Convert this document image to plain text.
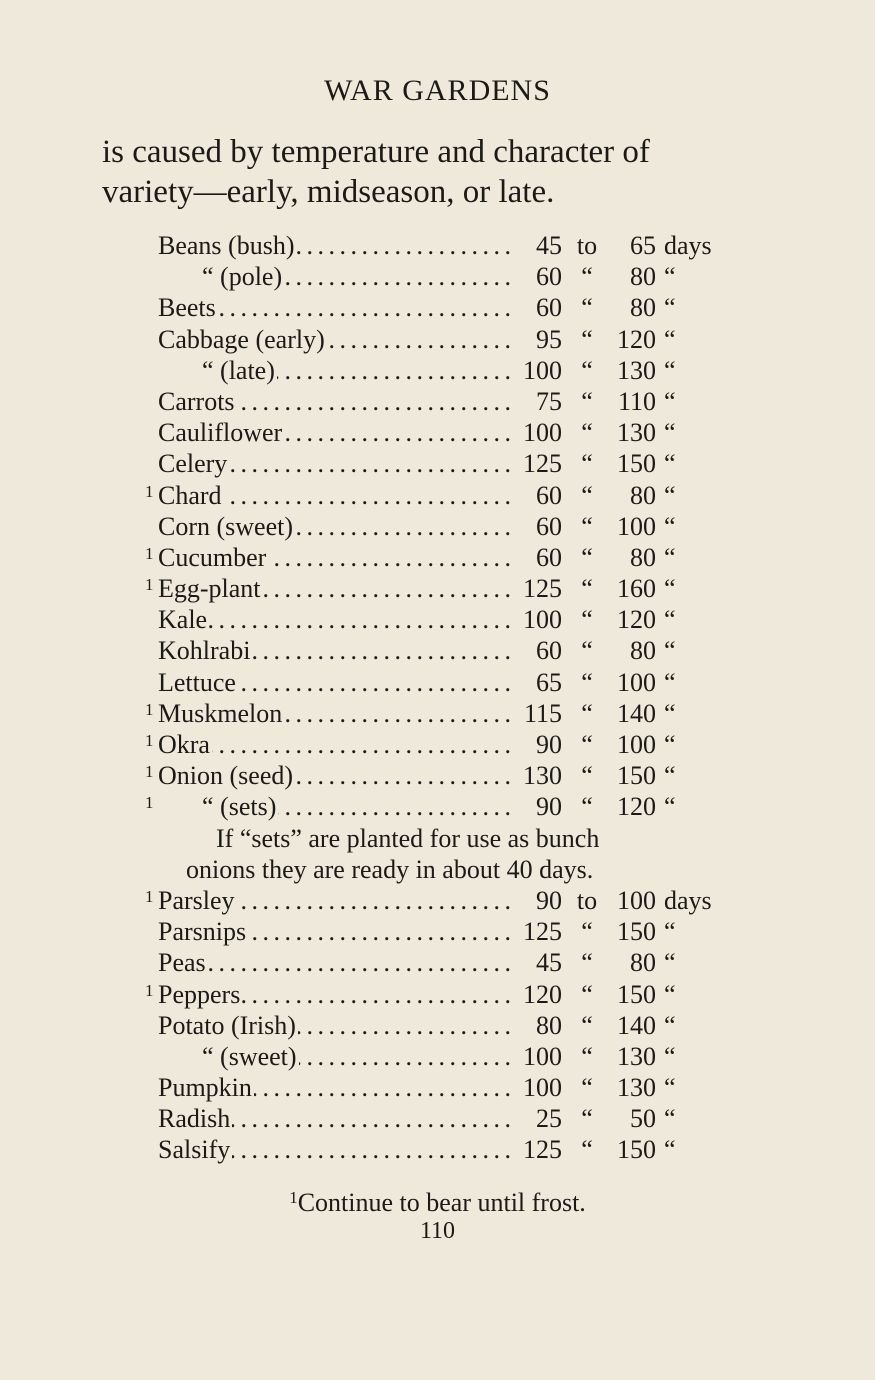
WAR GARDENS
is caused by temperature and character of
variety—early, midseason, or late.
Beans (bush) . . .	45 to	65 days
“ (pole) . . .	60 “	80 “
Beets . . .	60 “	80 “
Cabbage (early) . . .	95 “ 120 “
“ (late) . . .	100 “ 130 “
Carrots . . .	75 “ 110 “
Cauliflower . . .	100 “ 130 “
Celery . . .	125 “ 150 “
1 Chard . . .	60 “	80 “
Corn (sweet) . . .	60 “ 100 “
1 Cucumber . . .	60 “	80 “
1 Egg-plant . . .	125 “ 160 “
Kale . . .	100 “ 120 “
Kohlrabi . . .	60 “	80 “
Lettuce . . .	65 “ 100 “
1 Muskmelon . . .	115 “ 140 “
1 Okra . . .	90 “ 100 “
1 Onion (seed) . . .	130 “ 150 “
1	“ (sets) . . .	90 “ 120 “
If “sets” are planted for use as bunch
onions they are ready in about 40 days.
1 Parsley . . .	90 to 100 days
Parsnips . . .	125 “ 150 “
Peas . . .	45 “	80 “
1 Peppers . . .	120 “ 150 “
Potato (Irish) . . .	80 “ 140 “
“ (sweet) . . .	100 “ 130 “
Pumpkin . . .	100 “ 130 “
Radish . . .	25 “	50 “
Salsify . . .	125 “ 150 “
$^1$Continue to bear until frost.
110
